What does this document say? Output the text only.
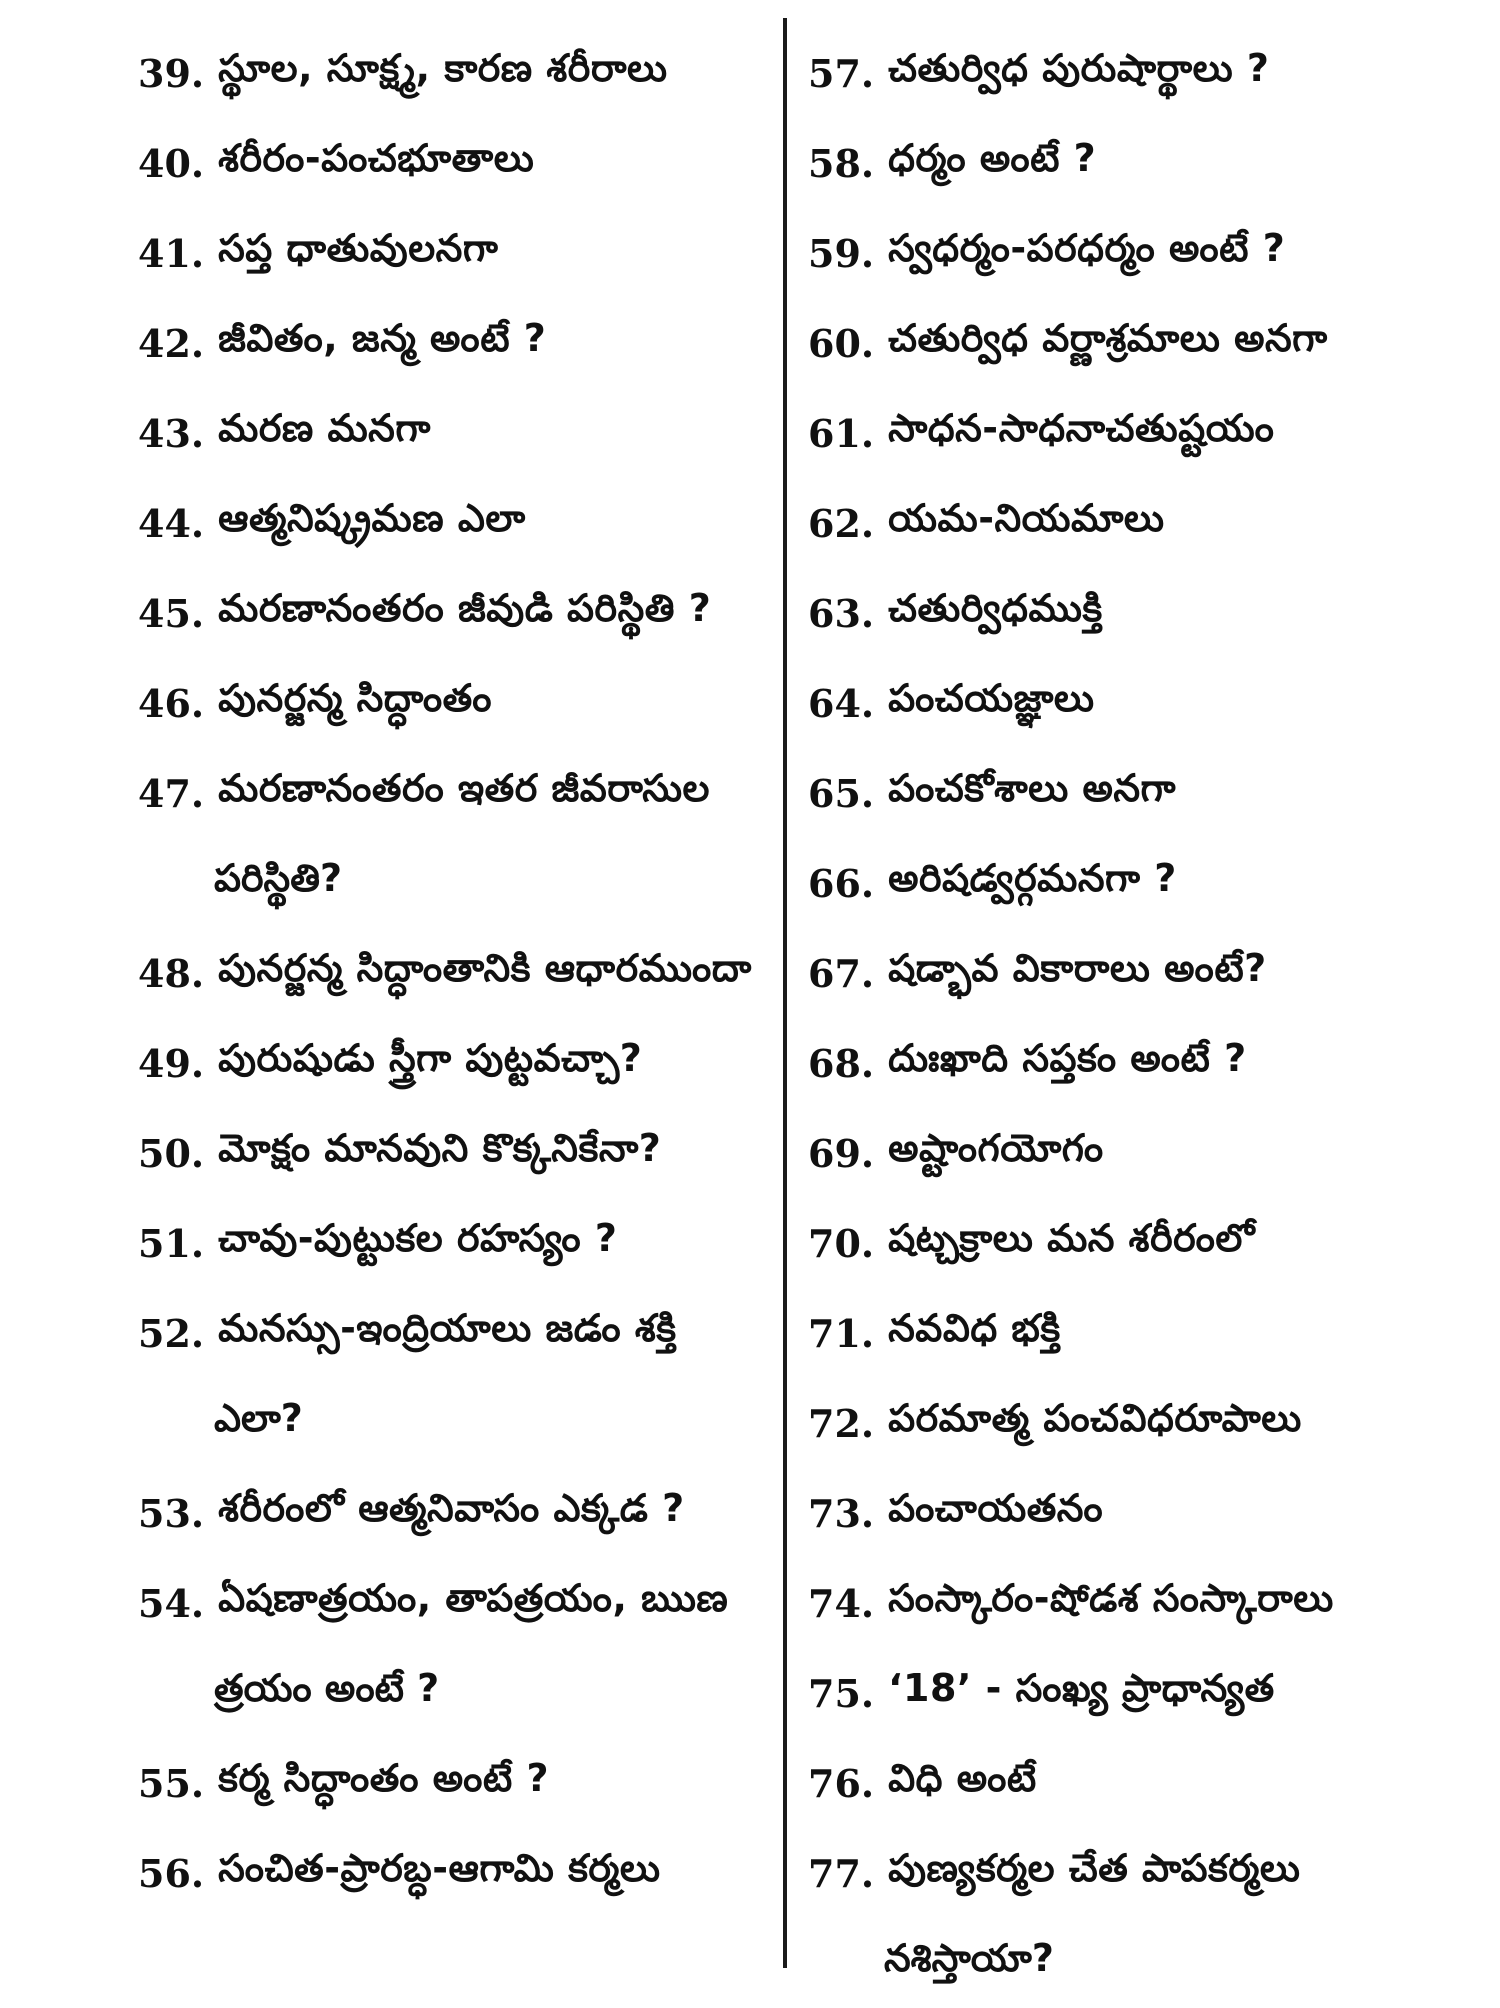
39. స్థూల, సూక్ష్మ, కారణ శరీరాలు
40. శరీరం-పంచభూతాలు
41. సప్త ధాతువులనగా
42. జీవితం, జన్మ అంటే ?
43. మరణ మనగా
44. ఆత్మనిష్క్రమణ ఎలా
45. మరణానంతరం జీవుడి పరిస్థితి ?
46. పునర్జన్మ సిద్ధాంతం
47. మరణానంతరం ఇతర జీవరాసుల
పరిస్థితి?
48. పునర్జన్మ సిద్ధాంతానికి ఆధారముందా
49. పురుషుడు స్త్రీగా పుట్టవచ్చా?
50. మోక్షం మానవుని కొక్కనికేనా?
51. చావు-పుట్టుకల రహస్యం ?
52. మనస్సు-ఇంద్రియాలు జడం శక్తి
ఎలా?
53. శరీరంలో ఆత్మనివాసం ఎక్కడ ?
54. ఏషణాత్రయం, తాపత్రయం, ఋణ
త్రయం అంటే ?
55. కర్మ సిద్ధాంతం అంటే ?
56. సంచిత-ప్రారబ్ధ-ఆగామి కర్మలు
57. చతుర్విధ పురుషార్థాలు ?
58. ధర్మం అంటే ?
59. స్వధర్మం-పరధర్మం అంటే ?
60. చతుర్విధ వర్ణాశ్రమాలు అనగా
61. సాధన-సాధనాచతుష్టయం
62. యమ-నియమాలు
63. చతుర్విధముక్తి
64. పంచయజ్ఞాలు
65. పంచకోశాలు అనగా
66. అరిషడ్వర్గమనగా ?
67. షడ్భావ వికారాలు అంటే?
68. దుఃఖాది సప్తకం అంటే ?
69. అష్టాంగయోగం
70. షట్చక్రాలు మన శరీరంలో
71. నవవిధ భక్తి
72. పరమాత్మ పంచవిధరూపాలు
73. పంచాయతనం
74. సంస్కారం-షోడశ సంస్కారాలు
75. ‘18’ - సంఖ్య ప్రాధాన్యత
76. విధి అంటే
77. పుణ్యకర్మల చేత పాపకర్మలు
నశిస్తాయా?
